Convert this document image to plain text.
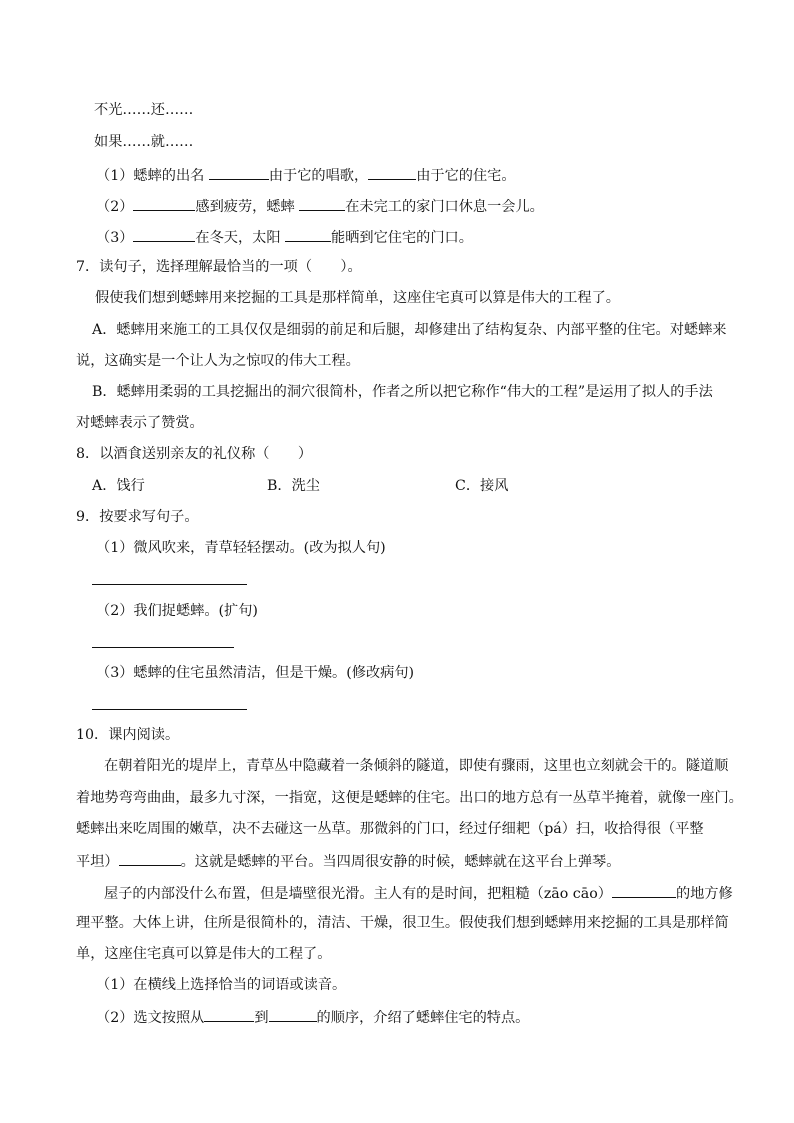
不光……还……
如果……就……
（1）蟋蟀的出名	由于它的唱歌，	由于它的住宅。
（2）	感到疲劳，蟋蟀	在未完工的家门口休息一会儿。
（3）	在冬天，太阳	能晒到它住宅的门口。
7．读句子，选择理解最恰当的一项（　　）。
假使我们想到蟋蟀用来挖掘的工具是那样简单，这座住宅真可以算是伟大的工程了。
A．蟋蟀用来施工的工具仅仅是细弱的前足和后腿，却修建出了结构复杂、内部平整的住宅。对蟋蟀来
说，这确实是一个让人为之惊叹的伟大工程。
B．蟋蟀用柔弱的工具挖掘出的洞穴很简朴，作者之所以把它称作“伟大的工程”是运用了拟人的手法
对蟋蟀表示了赞赏。
8．以酒食送别亲友的礼仪称（　　）
A．饯行	B．洗尘	C．接风
9．按要求写句子。
（1）微风吹来，青草轻轻摆动。(改为拟人句)
（2）我们捉蟋蟀。(扩句)
（3）蟋蟀的住宅虽然清洁，但是干燥。(修改病句)
10．课内阅读。
在朝着阳光的堤岸上，青草丛中隐藏着一条倾斜的隧道，即使有骤雨，这里也立刻就会干的。隧道顺
着地势弯弯曲曲，最多九寸深，一指宽，这便是蟋蟀的住宅。出口的地方总有一丛草半掩着，就像一座门。
蟋蟀出来吃周围的嫩草，决不去碰这一丛草。那微斜的门口，经过仔细耙（pá）扫，收拾得很（平整
平坦）	。这就是蟋蟀的平台。当四周很安静的时候，蟋蟀就在这平台上弹琴。
屋子的内部没什么布置，但是墙壁很光滑。主人有的是时间，把粗糙（zāo cāo）	的地方修
理平整。大体上讲，住所是很简朴的，清洁、干燥，很卫生。假使我们想到蟋蟀用来挖掘的工具是那样简
单，这座住宅真可以算是伟大的工程了。
（1）在横线上选择恰当的词语或读音。
（2）选文按照从	到	的顺序，介绍了蟋蟀住宅的特点。
